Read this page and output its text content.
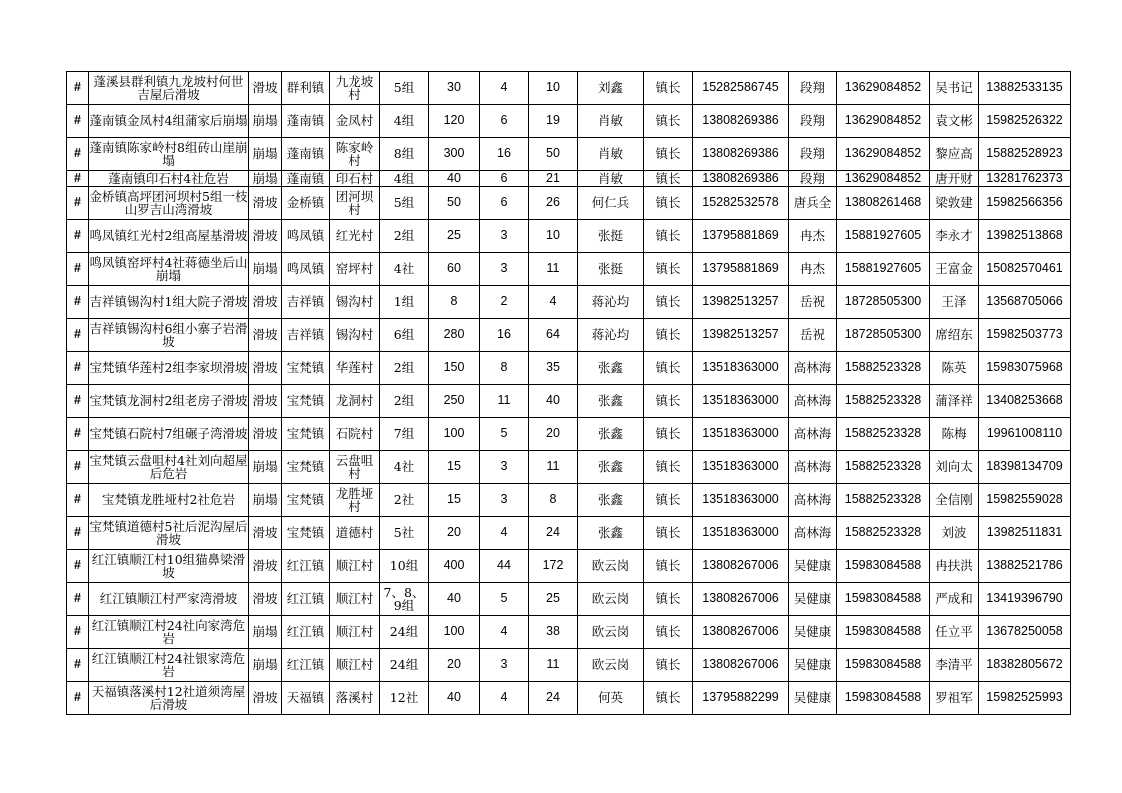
#	蓬溪县群利镇九龙坡村何世吉屋后滑坡	滑坡	群利镇	九龙坡村	5组	30	4	10	刘鑫	镇长	15282586745	段翔	13629084852	吴书记	13882533135
#	蓬南镇金凤村4组蒲家后崩塌	崩塌	蓬南镇	金凤村	4组	120	6	19	肖敏	镇长	13808269386	段翔	13629084852	袁文彬	15982526322
#	蓬南镇陈家岭村8组砖山崖崩塌	崩塌	蓬南镇	陈家岭村	8组	300	16	50	肖敏	镇长	13808269386	段翔	13629084852	黎应高	15882528923
#	蓬南镇印石村4社危岩	崩塌	蓬南镇	印石村	4组	40	6	21	肖敏	镇长	13808269386	段翔	13629084852	唐开财	13281762373
#	金桥镇高坪团河坝村5组一枝山罗吉山湾滑坡	滑坡	金桥镇	团河坝村	5组	50	6	26	何仁兵	镇长	15282532578	唐兵全	13808261468	梁敦建	15982566356
#	鸣凤镇红光村2组高屋基滑坡	滑坡	鸣凤镇	红光村	2组	25	3	10	张挺	镇长	13795881869	冉杰	15881927605	李永才	13982513868
#	鸣凤镇窑坪村4社蒋德坐后山崩塌	崩塌	鸣凤镇	窑坪村	4社	60	3	11	张挺	镇长	13795881869	冉杰	15881927605	王富金	15082570461
#	吉祥镇锡沟村1组大院子滑坡	滑坡	吉祥镇	锡沟村	1组	8	2	4	蒋沁均	镇长	13982513257	岳祝	18728505300	王泽	13568705066
#	吉祥镇锡沟村6组小寨子岩滑坡	滑坡	吉祥镇	锡沟村	6组	280	16	64	蒋沁均	镇长	13982513257	岳祝	18728505300	席绍东	15982503773
#	宝梵镇华莲村2组李家坝滑坡	滑坡	宝梵镇	华莲村	2组	150	8	35	张鑫	镇长	13518363000	高林海	15882523328	陈英	15983075968
#	宝梵镇龙洞村2组老房子滑坡	滑坡	宝梵镇	龙洞村	2组	250	11	40	张鑫	镇长	13518363000	高林海	15882523328	蒲泽祥	13408253668
#	宝梵镇石院村7组碾子湾滑坡	滑坡	宝梵镇	石院村	7组	100	5	20	张鑫	镇长	13518363000	高林海	15882523328	陈梅	19961008110
#	宝梵镇云盘咀村4社刘向超屋后危岩	崩塌	宝梵镇	云盘咀村	4社	15	3	11	张鑫	镇长	13518363000	高林海	15882523328	刘向太	18398134709
#	宝梵镇龙胜垭村2社危岩	崩塌	宝梵镇	龙胜垭村	2社	15	3	8	张鑫	镇长	13518363000	高林海	15882523328	全信刚	15982559028
#	宝梵镇道德村5社后泥沟屋后滑坡	滑坡	宝梵镇	道德村	5社	20	4	24	张鑫	镇长	13518363000	高林海	15882523328	刘波	13982511831
#	红江镇顺江村10组猫鼻梁滑坡	滑坡	红江镇	顺江村	10组	400	44	172	欧云岗	镇长	13808267006	吴健康	15983084588	冉扶洪	13882521786
#	红江镇顺江村严家湾滑坡	滑坡	红江镇	顺江村	7、8、9组	40	5	25	欧云岗	镇长	13808267006	吴健康	15983084588	严成和	13419396790
#	红江镇顺江村24社向家湾危岩	崩塌	红江镇	顺江村	24组	100	4	38	欧云岗	镇长	13808267006	吴健康	15983084588	任立平	13678250058
#	红江镇顺江村24社银家湾危岩	崩塌	红江镇	顺江村	24组	20	3	11	欧云岗	镇长	13808267006	吴健康	15983084588	李清平	18382805672
#	天福镇落溪村12社道须湾屋后滑坡	滑坡	天福镇	落溪村	12社	40	4	24	何英	镇长	13795882299	吴健康	15983084588	罗祖军	15982525993
